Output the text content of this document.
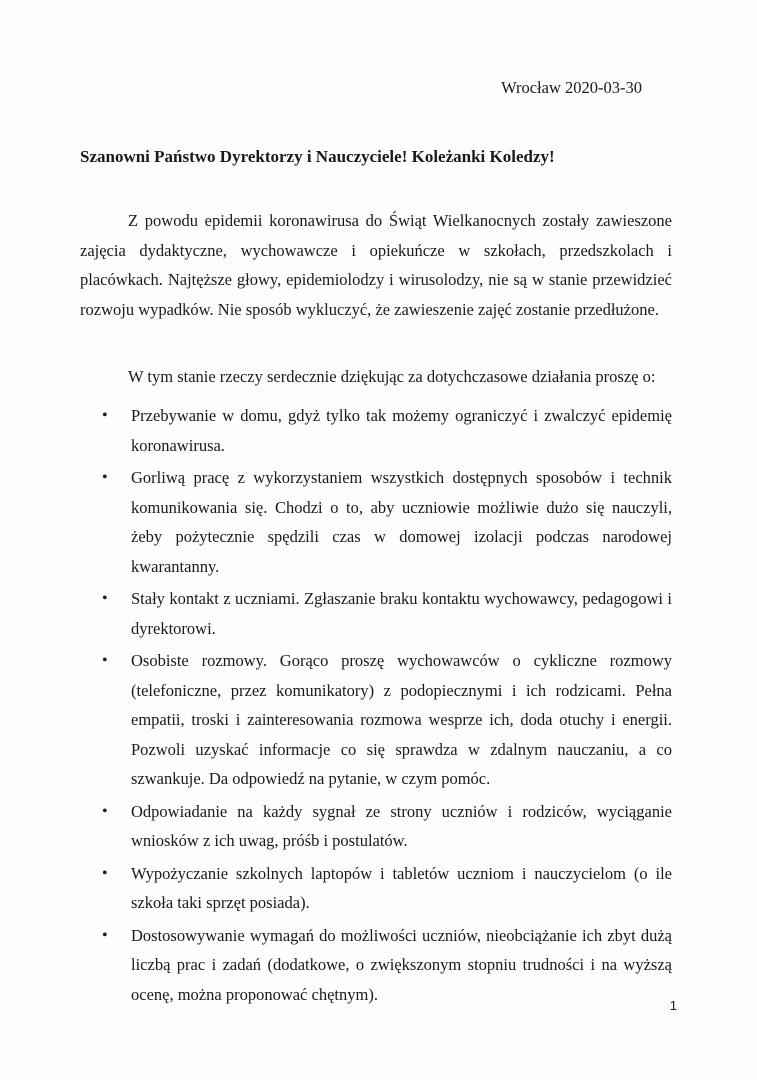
Wrocław 2020-03-30
Szanowni Państwo Dyrektorzy i Nauczyciele! Koleżanki Koledzy!

Z powodu epidemii koronawirusa do Świąt Wielkanocnych zostały zawieszone zajęcia dydaktyczne, wychowawcze i opiekuńcze w szkołach, przedszkolach i placówkach. Najtęższe głowy, epidemiolodzy i wirusolodzy, nie są w stanie przewidzieć rozwoju wypadków. Nie sposób wykluczyć, że zawieszenie zajęć zostanie przedłużone.

W tym stanie rzeczy serdecznie dziękując za dotychczasowe działania proszę o:

• Przebywanie w domu, gdyż tylko tak możemy ograniczyć i zwalczyć epidemię koronawirusa.
• Gorliwą pracę z wykorzystaniem wszystkich dostępnych sposobów i technik komunikowania się. Chodzi o to, aby uczniowie możliwie dużo się nauczyli, żeby pożytecznie spędzili czas w domowej izolacji podczas narodowej kwarantanny.
• Stały kontakt z uczniami. Zgłaszanie braku kontaktu wychowawcy, pedagogowi i dyrektorowi.
• Osobiste rozmowy. Gorąco proszę wychowawców o cykliczne rozmowy (telefoniczne, przez komunikatory) z podopiecznymi i ich rodzicami. Pełna empatii, troski i zainteresowania rozmowa wesprze ich, doda otuchy i energii. Pozwoli uzyskać informacje co się sprawdza w zdalnym nauczaniu, a co szwankuje. Da odpowiedź na pytanie, w czym pomóc.
• Odpowiadanie na każdy sygnał ze strony uczniów i rodziców, wyciąganie wniosków z ich uwag, próśb i postulatów.
• Wypożyczanie szkolnych laptopów i tabletów uczniom i nauczycielom (o ile szkoła taki sprzęt posiada).
• Dostosowywanie wymagań do możliwości uczniów, nieobciążanie ich zbyt dużą liczbą prac i zadań (dodatkowe, o zwiększonym stopniu trudności i na wyższą ocenę, można proponować chętnym).
1
